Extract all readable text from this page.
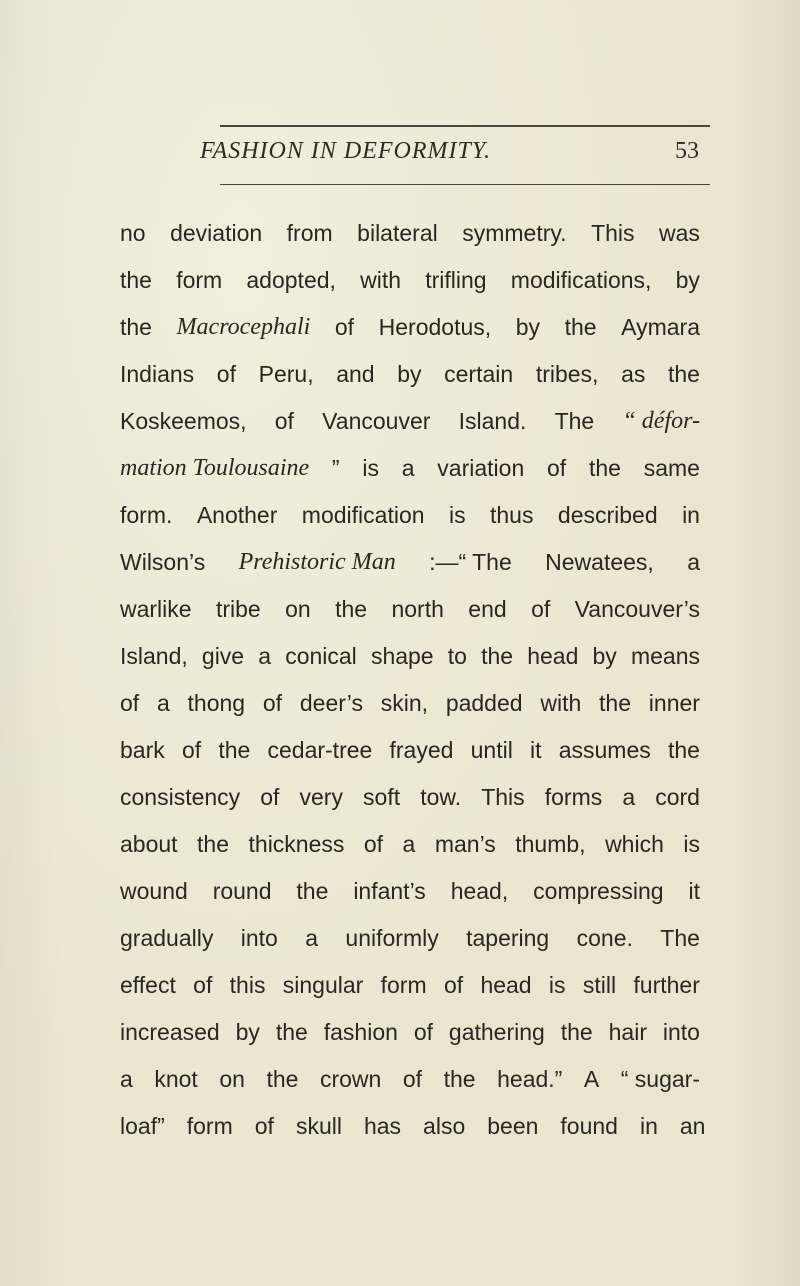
FASHION IN DEFORMITY.	53
no deviation from bilateral symmetry. This was
the form adopted, with trifling modifications, by
the Macrocephali of Herodotus, by the Aymara
Indians of Peru, and by certain tribes, as the
Koskeemos, of Vancouver Island. The “ défor-
mation Toulousaine ” is a variation of the same
form. Another modification is thus described in
Wilson’s Prehistoric Man :—“ The Newatees, a
warlike tribe on the north end of Vancouver’s
Island, give a conical shape to the head by means
of a thong of deer’s skin, padded with the inner
bark of the cedar-tree frayed until it assumes the
consistency of very soft tow. This forms a cord
about the thickness of a man’s thumb, which is
wound round the infant’s head, compressing it
gradually into a uniformly tapering cone. The
effect of this singular form of head is still further
increased by the fashion of gathering the hair into
a knot on the crown of the head.” A “ sugar-
loaf” form of skull has also been found in an
